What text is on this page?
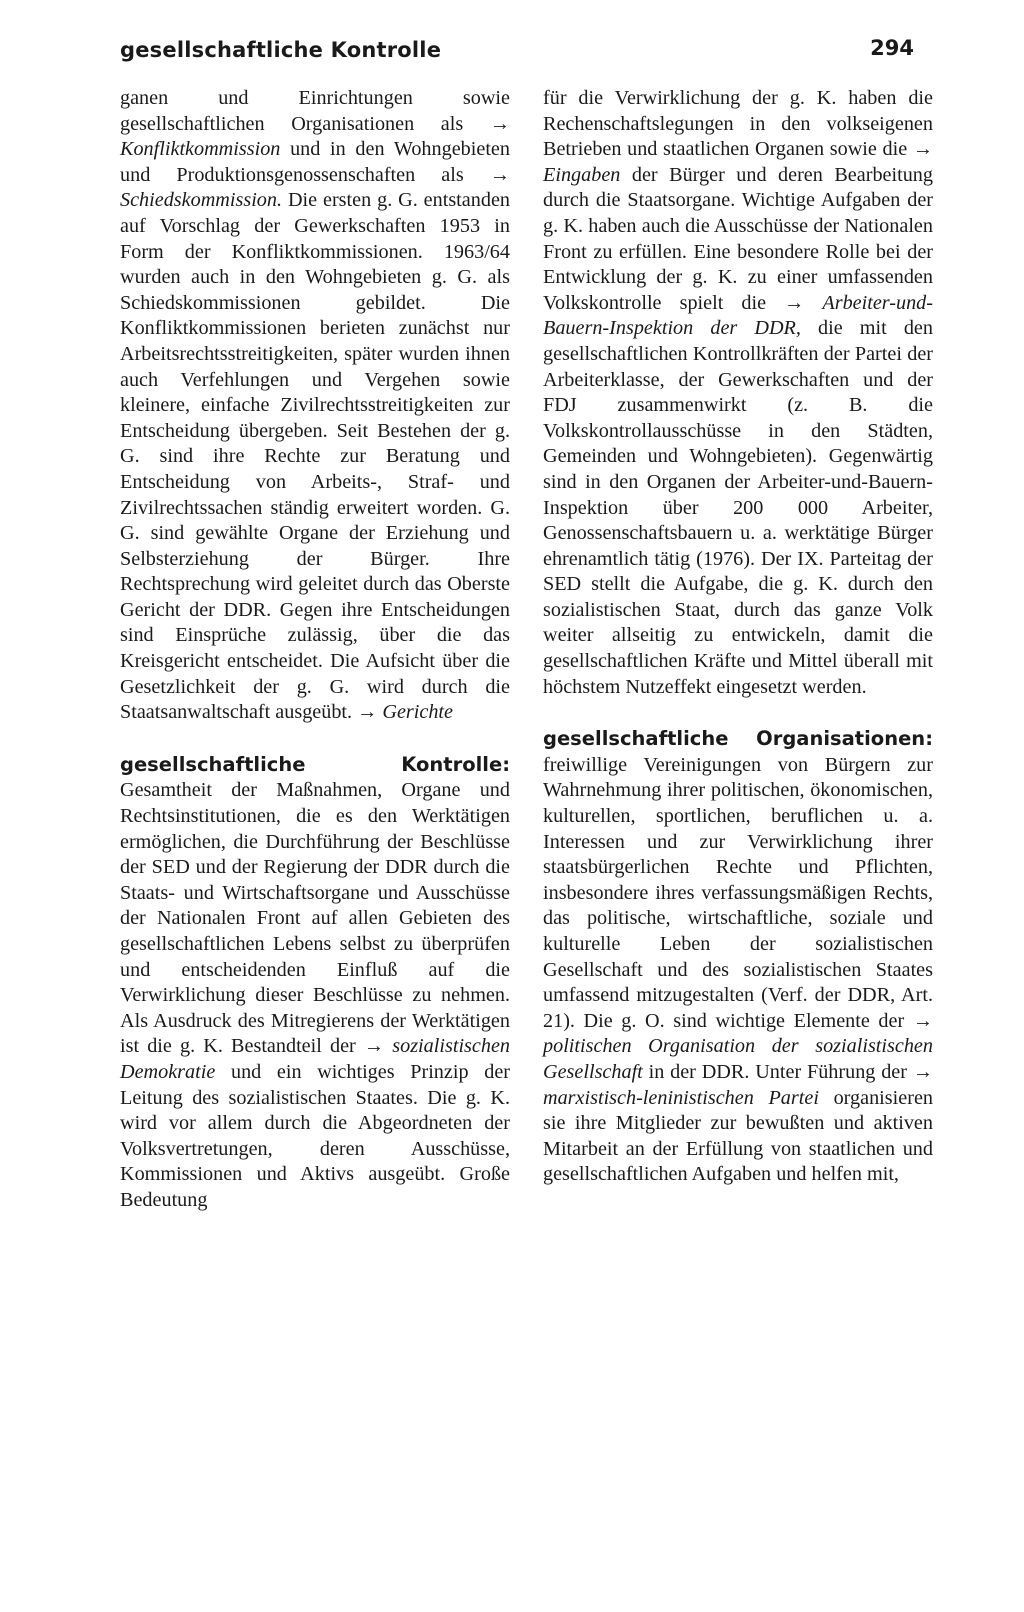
gesellschaftliche Kontrolle	294

ganen und Einrichtungen sowie gesellschaftlichen Organisationen als → Konfliktkommission und in den Wohngebieten und Produktionsgenossenschaften als → Schiedskommission. Die ersten g. G. entstanden auf Vorschlag der Gewerkschaften 1953 in Form der Konfliktkommissionen. 1963/64 wurden auch in den Wohngebieten g. G. als Schiedskommissionen gebildet. Die Konfliktkommissionen berieten zunächst nur Arbeitsrechtsstreitigkeiten, später wurden ihnen auch Verfehlungen und Vergehen sowie kleinere, einfache Zivilrechtsstreitigkeiten zur Entscheidung übergeben. Seit Bestehen der g. G. sind ihre Rechte zur Beratung und Entscheidung von Arbeits-, Straf- und Zivilrechtssachen ständig erweitert worden. G. G. sind gewählte Organe der Erziehung und Selbsterziehung der Bürger. Ihre Rechtsprechung wird geleitet durch das Oberste Gericht der DDR. Gegen ihre Entscheidungen sind Einsprüche zulässig, über die das Kreisgericht entscheidet. Die Aufsicht über die Gesetzlichkeit der g. G. wird durch die Staatsanwaltschaft ausgeübt. → Gerichte

gesellschaftliche Kontrolle: Gesamtheit der Maßnahmen, Organe und Rechtsinstitutionen, die es den Werktätigen ermöglichen, die Durchführung der Beschlüsse der SED und der Regierung der DDR durch die Staats- und Wirtschaftsorgane und Ausschüsse der Nationalen Front auf allen Gebieten des gesellschaftlichen Lebens selbst zu überprüfen und entscheidenden Einfluß auf die Verwirklichung dieser Beschlüsse zu nehmen. Als Ausdruck des Mitregierens der Werktätigen ist die g. K. Bestandteil der → sozialistischen Demokratie und ein wichtiges Prinzip der Leitung des sozialistischen Staates. Die g. K. wird vor allem durch die Abgeordneten der Volksvertretungen, deren Ausschüsse, Kommissionen und Aktivs ausgeübt. Große Bedeutung

für die Verwirklichung der g. K. haben die Rechenschaftslegungen in den volkseigenen Betrieben und staatlichen Organen sowie die → Eingaben der Bürger und deren Bearbeitung durch die Staatsorgane. Wichtige Aufgaben der g. K. haben auch die Ausschüsse der Nationalen Front zu erfüllen. Eine besondere Rolle bei der Entwicklung der g. K. zu einer umfassenden Volkskontrolle spielt die → Arbeiter-und-Bauern-Inspektion der DDR, die mit den gesellschaftlichen Kontrollkräften der Partei der Arbeiterklasse, der Gewerkschaften und der FDJ zusammenwirkt (z. B. die Volkskontrollausschüsse in den Städten, Gemeinden und Wohngebieten). Gegenwärtig sind in den Organen der Arbeiter-und-Bauern-Inspektion über 200 000 Arbeiter, Genossenschaftsbauern u. a. werktätige Bürger ehrenamtlich tätig (1976). Der IX. Parteitag der SED stellt die Aufgabe, die g. K. durch den sozialistischen Staat, durch das ganze Volk weiter allseitig zu entwickeln, damit die gesellschaftlichen Kräfte und Mittel überall mit höchstem Nutzeffekt eingesetzt werden.

gesellschaftliche Organisationen: freiwillige Vereinigungen von Bürgern zur Wahrnehmung ihrer politischen, ökonomischen, kulturellen, sportlichen, beruflichen u. a. Interessen und zur Verwirklichung ihrer staatsbürgerlichen Rechte und Pflichten, insbesondere ihres verfassungsmäßigen Rechts, das politische, wirtschaftliche, soziale und kulturelle Leben der sozialistischen Gesellschaft und des sozialistischen Staates umfassend mitzugestalten (Verf. der DDR, Art. 21). Die g. O. sind wichtige Elemente der → politischen Organisation der sozialistischen Gesellschaft in der DDR. Unter Führung der → marxistisch-leninistischen Partei organisieren sie ihre Mitglieder zur bewußten und aktiven Mitarbeit an der Erfüllung von staatlichen und gesellschaftlichen Aufgaben und helfen mit,
